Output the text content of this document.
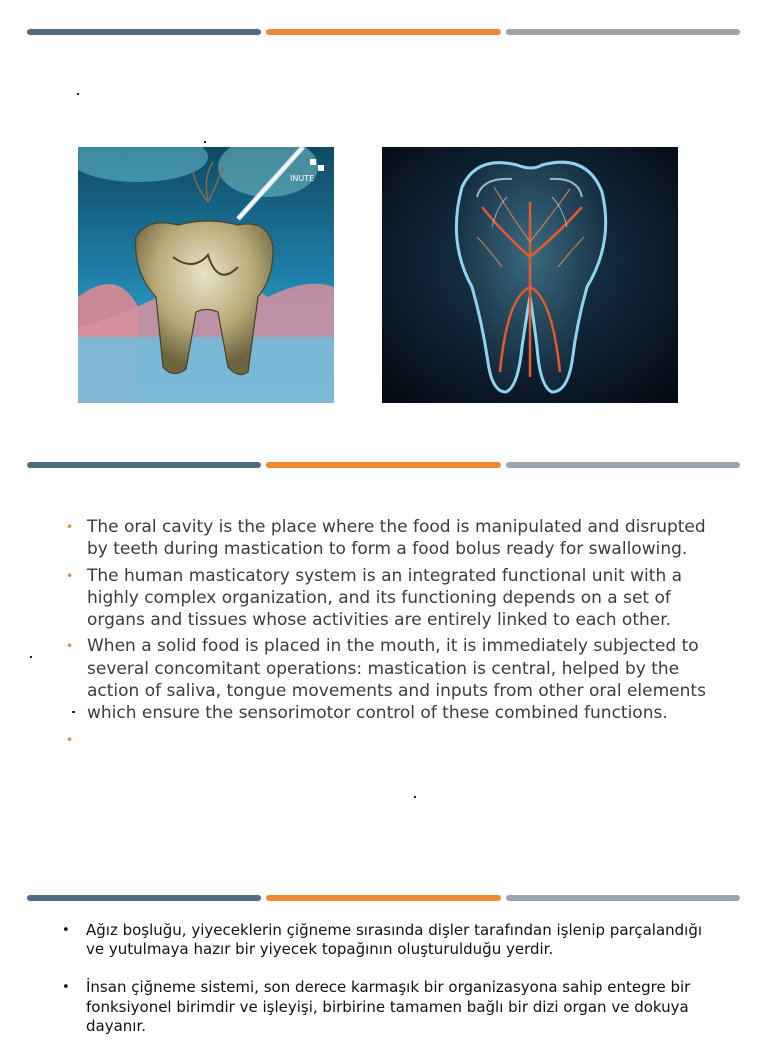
INUTE
• The oral cavity is the place where the food is manipulated and disrupted by teeth during mastication to form a food bolus ready for swallowing.
• The human masticatory system is an integrated functional unit with a highly complex organization, and its functioning depends on a set of organs and tissues whose activities are entirely linked to each other.
• When a solid food is placed in the mouth, it is immediately subjected to several concomitant operations: mastication is central, helped by the action of saliva, tongue movements and inputs from other oral elements which ensure the sensorimotor control of these combined functions.
•

• Ağız boşluğu, yiyeceklerin çiğneme sırasında dişler tarafından işlenip parçalandığı ve yutulmaya hazır bir yiyecek topağının oluşturulduğu yerdir.
• İnsan çiğneme sistemi, son derece karmaşık bir organizasyona sahip entegre bir fonksiyonel birimdir ve işleyişi, birbirine tamamen bağlı bir dizi organ ve dokuya dayanır.
